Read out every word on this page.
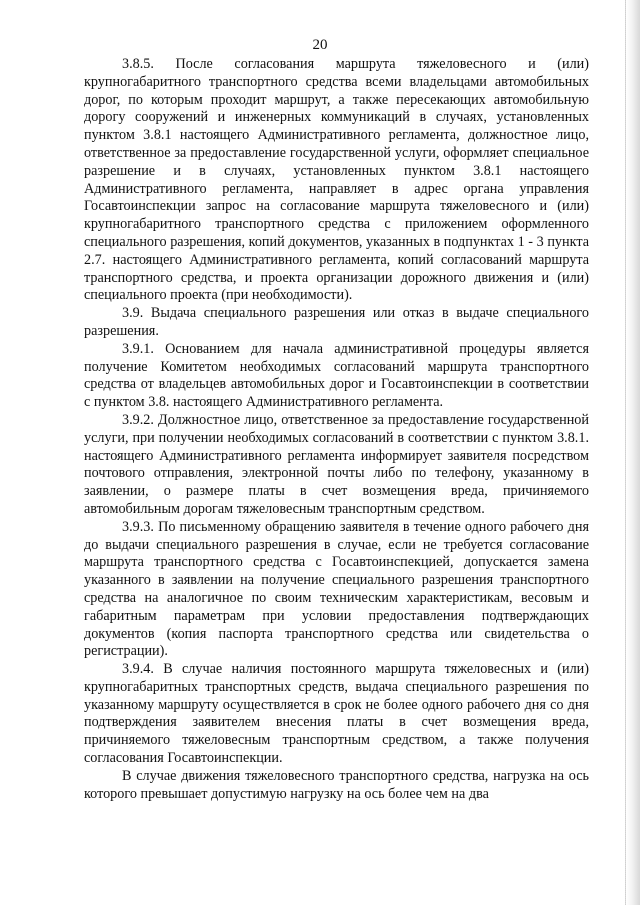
20

3.8.5. После согласования маршрута тяжеловесного и (или) крупногабаритного транспортного средства всеми владельцами автомобильных дорог, по которым проходит маршрут, а также пересекающих автомобильную дорогу сооружений и инженерных коммуникаций в случаях, установленных пунктом 3.8.1 настоящего Административного регламента, должностное лицо, ответственное за предоставление государственной услуги, оформляет специальное разрешение и в случаях, установленных пунктом 3.8.1 настоящего Административного регламента, направляет в адрес органа управления Госавтоинспекции запрос на согласование маршрута тяжеловесного и (или) крупногабаритного транспортного средства с приложением оформленного специального разрешения, копий документов, указанных в подпунктах 1 - 3 пункта 2.7. настоящего Административного регламента, копий согласований маршрута транспортного средства, и проекта организации дорожного движения и (или) специального проекта (при необходимости).

3.9. Выдача специального разрешения или отказ в выдаче специального разрешения.

3.9.1. Основанием для начала административной процедуры является получение Комитетом необходимых согласований маршрута транспортного средства от владельцев автомобильных дорог и Госавтоинспекции в соответствии с пунктом 3.8. настоящего Административного регламента.

3.9.2. Должностное лицо, ответственное за предоставление государственной услуги, при получении необходимых согласований в соответствии с пунктом 3.8.1. настоящего Административного регламента информирует заявителя посредством почтового отправления, электронной почты либо по телефону, указанному в заявлении, о размере платы в счет возмещения вреда, причиняемого автомобильным дорогам тяжеловесным транспортным средством.

3.9.3. По письменному обращению заявителя в течение одного рабочего дня до выдачи специального разрешения в случае, если не требуется согласование маршрута транспортного средства с Госавтоинспекцией, допускается замена указанного в заявлении на получение специального разрешения транспортного средства на аналогичное по своим техническим характеристикам, весовым и габаритным параметрам при условии предоставления подтверждающих документов (копия паспорта транспортного средства или свидетельства о регистрации).

3.9.4. В случае наличия постоянного маршрута тяжеловесных и (или) крупногабаритных транспортных средств, выдача специального разрешения по указанному маршруту осуществляется в срок не более одного рабочего дня со дня подтверждения заявителем внесения платы в счет возмещения вреда, причиняемого тяжеловесным транспортным средством, а также получения согласования Госавтоинспекции.

В случае движения тяжеловесного транспортного средства, нагрузка на ось которого превышает допустимую нагрузку на ось более чем на два
